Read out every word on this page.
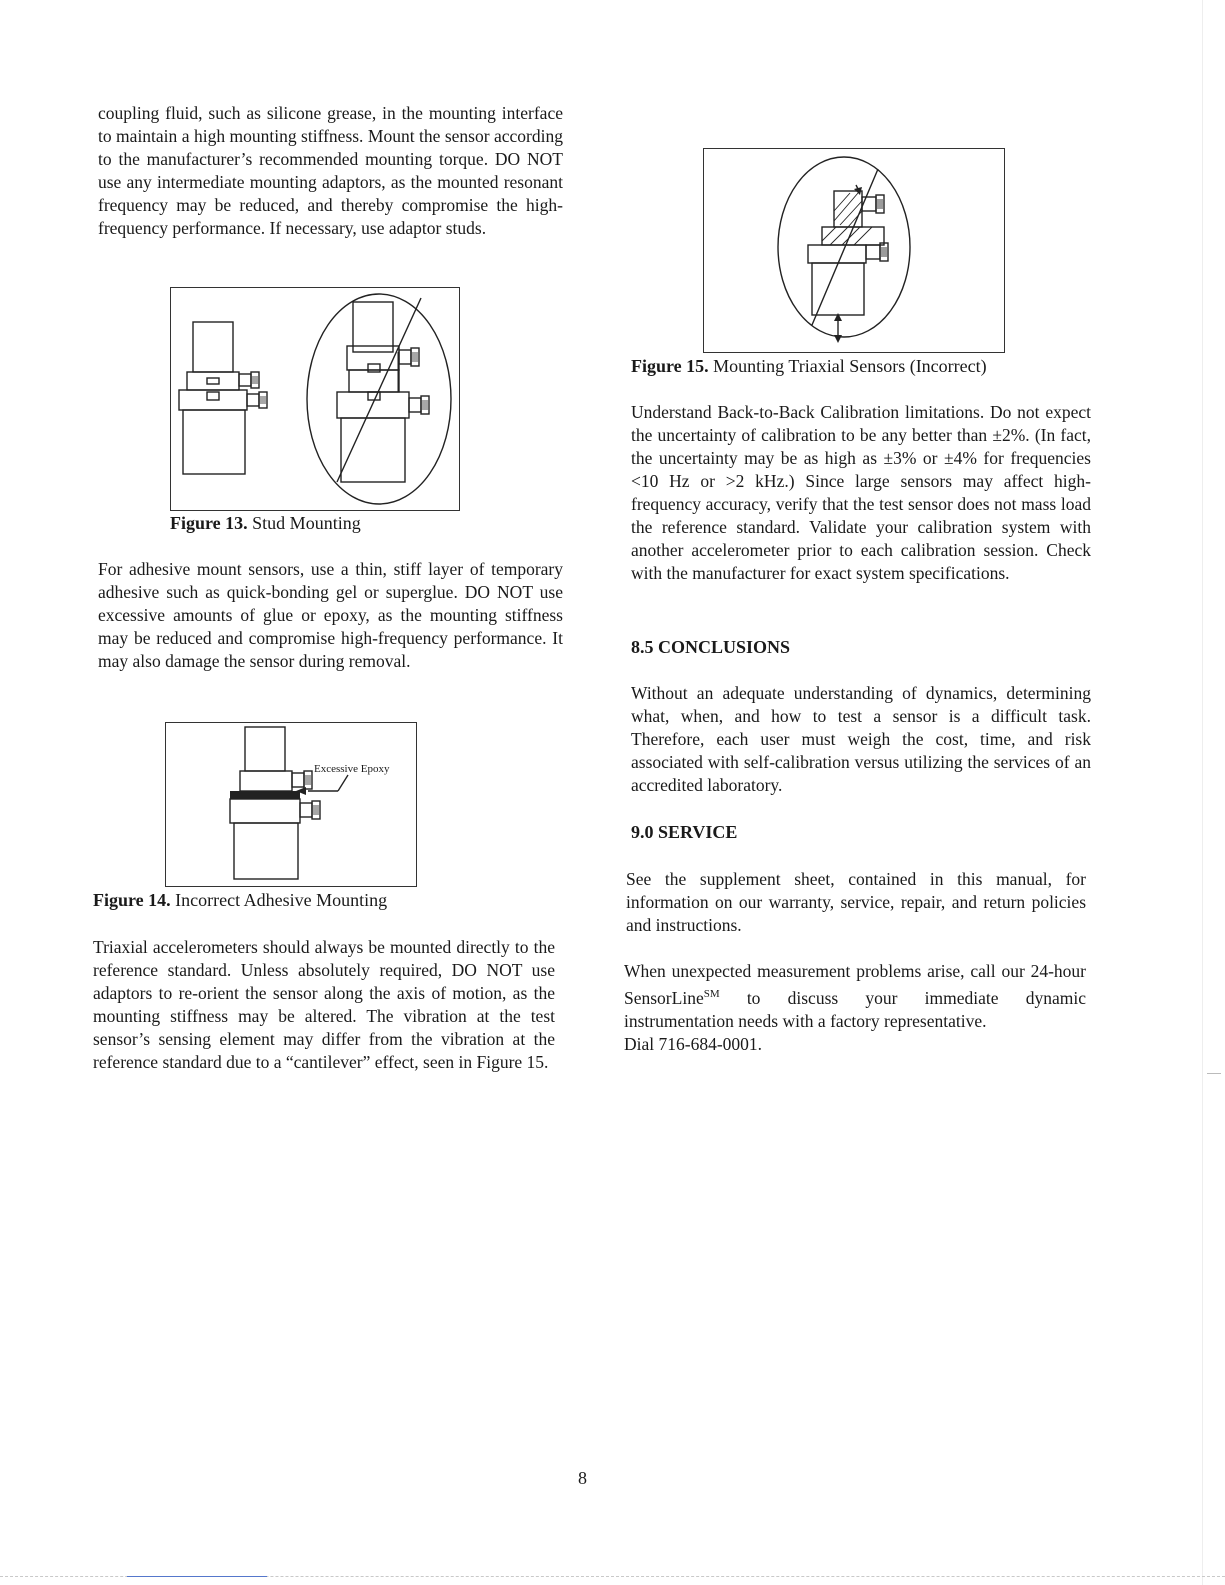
coupling fluid, such as silicone grease, in the mounting interface to maintain a high mounting stiffness. Mount the sensor according to the manufacturer’s recommended mounting torque. DO NOT use any intermediate mounting adaptors, as the mounted resonant frequency may be reduced, and thereby compromise the high-frequency performance. If necessary, use adaptor studs.

Figure 13. Stud Mounting

For adhesive mount sensors, use a thin, stiff layer of temporary adhesive such as quick-bonding gel or superglue. DO NOT use excessive amounts of glue or epoxy, as the mounting stiffness may be reduced and compromise high-frequency performance. It may also damage the sensor during removal.

Excessive Epoxy

Figure 14. Incorrect Adhesive Mounting

Triaxial accelerometers should always be mounted directly to the reference standard. Unless absolutely required, DO NOT use adaptors to re-orient the sensor along the axis of motion, as the mounting stiffness may be altered. The vibration at the test sensor’s sensing element may differ from the vibration at the reference standard due to a “cantilever” effect, seen in Figure 15.

Figure 15. Mounting Triaxial Sensors (Incorrect)

Understand Back-to-Back Calibration limitations. Do not expect the uncertainty of calibration to be any better than ±2%. (In fact, the uncertainty may be as high as ±3% or ±4% for frequencies <10 Hz or >2 kHz.) Since large sensors may affect high-frequency accuracy, verify that the test sensor does not mass load the reference standard. Validate your calibration system with another accelerometer prior to each calibration session. Check with the manufacturer for exact system specifications.

8.5 CONCLUSIONS

Without an adequate understanding of dynamics, determining what, when, and how to test a sensor is a difficult task. Therefore, each user must weigh the cost, time, and risk associated with self-calibration versus utilizing the services of an accredited laboratory.

9.0 SERVICE

See the supplement sheet, contained in this manual, for information on our warranty, service, repair, and return policies and instructions.

When unexpected measurement problems arise, call our 24-hour SensorLine℠ to discuss your immediate dynamic instrumentation needs with a factory representative.

Dial 716-684-0001.

8
